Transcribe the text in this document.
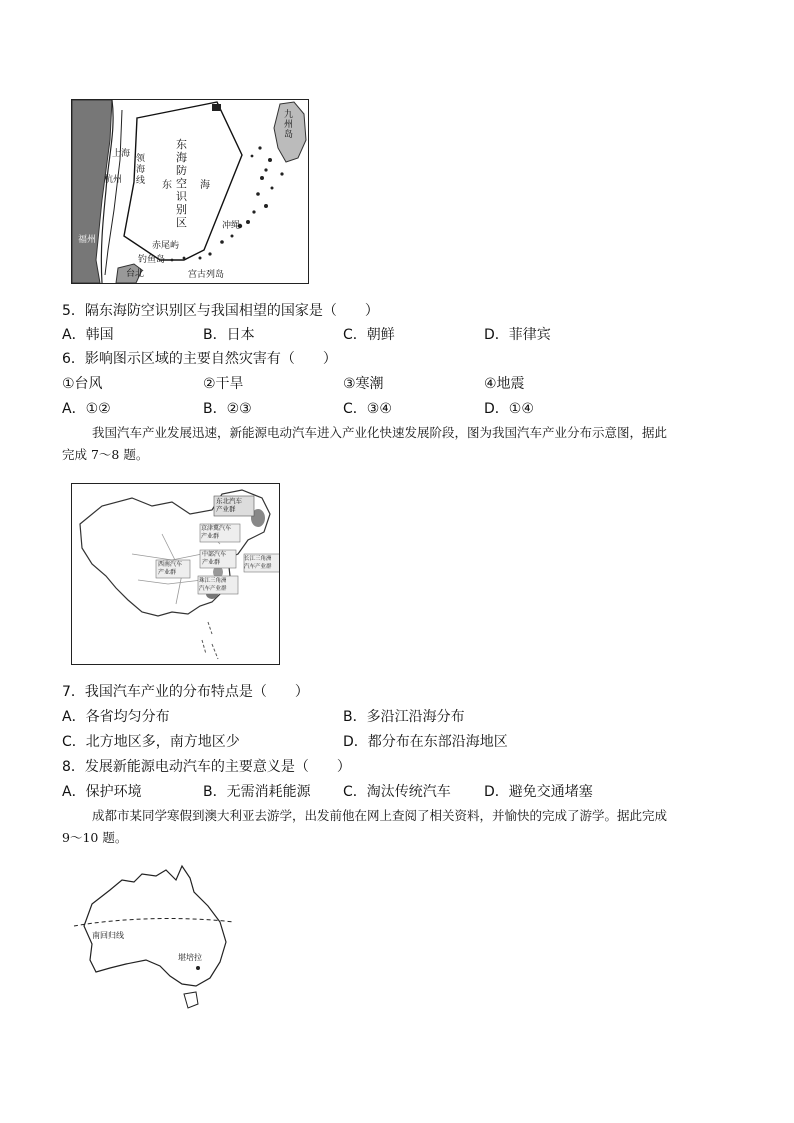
上海
杭州
福州
台北
领
海
线 东	海
东
海
防
空
识
别
区
九
州
岛
冲绳
赤尾屿
钓鱼岛
宫古列岛
5．隔东海防空识别区与我国相望的国家是（　　）
A．韩国	B．日本	C．朝鲜	D．菲律宾
6．影响图示区域的主要自然灾害有（　　）
①台风	②干旱	③寒潮	④地震
A．①②	B．②③	C．③④	D．①④
我国汽车产业发展迅速，新能源电动汽车进入产业化快速发展阶段，图为我国汽车产业分布示意图，据此
完成 7～8 题。
东北汽车
产业群
京津冀汽车
产业群
中部汽车
产业群	长江三角洲
汽车产业群
西南汽车
产业群
珠江三角洲
汽车产业群
7．我国汽车产业的分布特点是（　　）
A．各省均匀分布	B．多沿江沿海分布
C．北方地区多，南方地区少	D．都分布在东部沿海地区
8．发展新能源电动汽车的主要意义是（　　）
A．保护环境	B．无需消耗能源 C．淘汰传统汽车 D．避免交通堵塞
成都市某同学寒假到澳大利亚去游学，出发前他在网上查阅了相关资料，并愉快的完成了游学。据此完成
9～10 题。
南回归线
堪培拉
